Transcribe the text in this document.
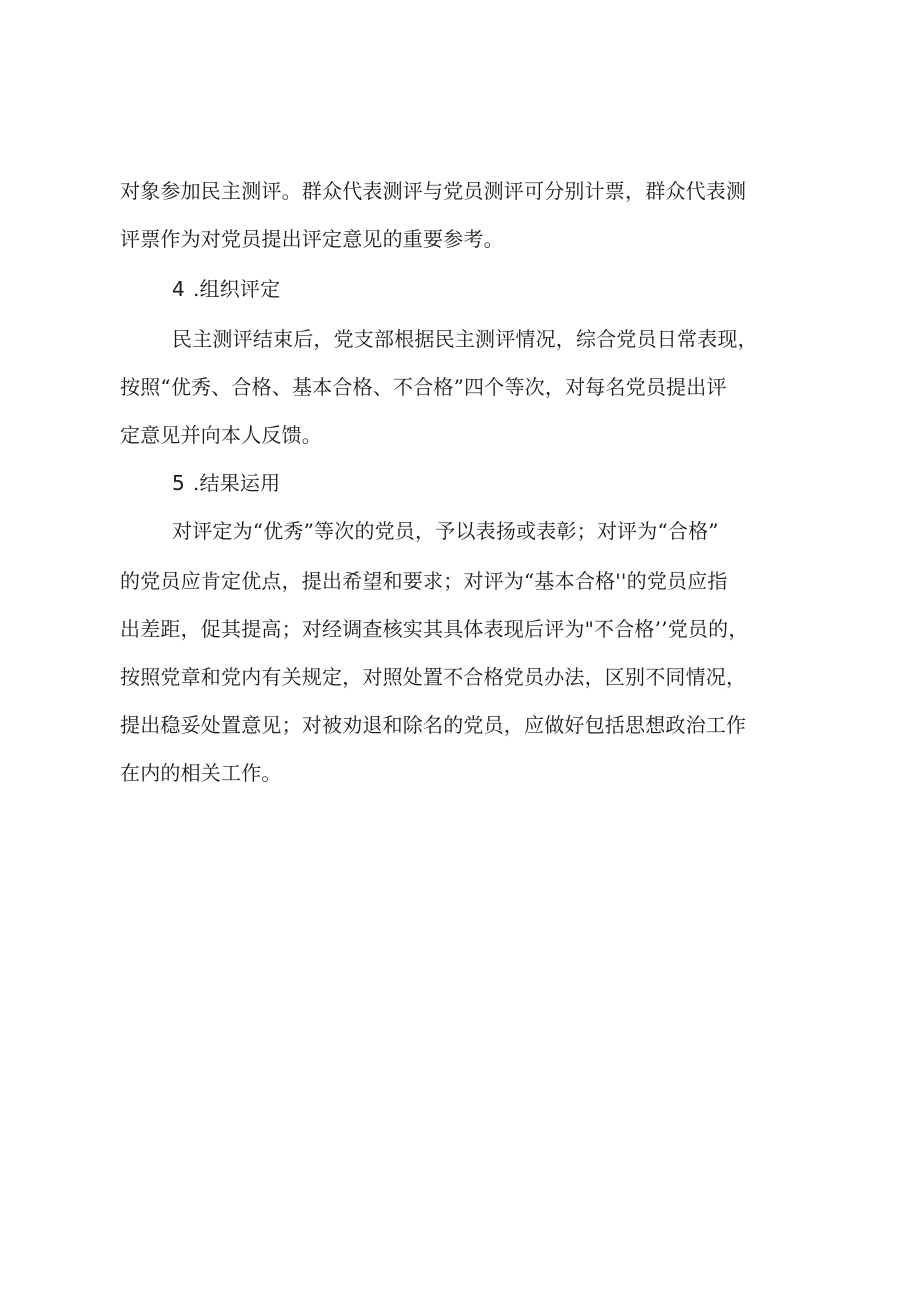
对象参加民主测评。群众代表测评与党员测评可分别计票，群众代表测
评票作为对党员提出评定意见的重要参考。
4 .组织评定
民主测评结束后，党支部根据民主测评情况，综合党员日常表现，
按照“优秀、合格、基本合格、不合格”四个等次，对每名党员提出评
定意见并向本人反馈。
5 .结果运用
对评定为“优秀”等次的党员，予以表扬或表彰；对评为“合格”
的党员应肯定优点，提出希望和要求；对评为“基本合格''的党员应指
出差距，促其提高；对经调查核实其具体表现后评为"不合格’’党员的，
按照党章和党内有关规定，对照处置不合格党员办法，区别不同情况，
提出稳妥处置意见；对被劝退和除名的党员，应做好包括思想政治工作
在内的相关工作。
